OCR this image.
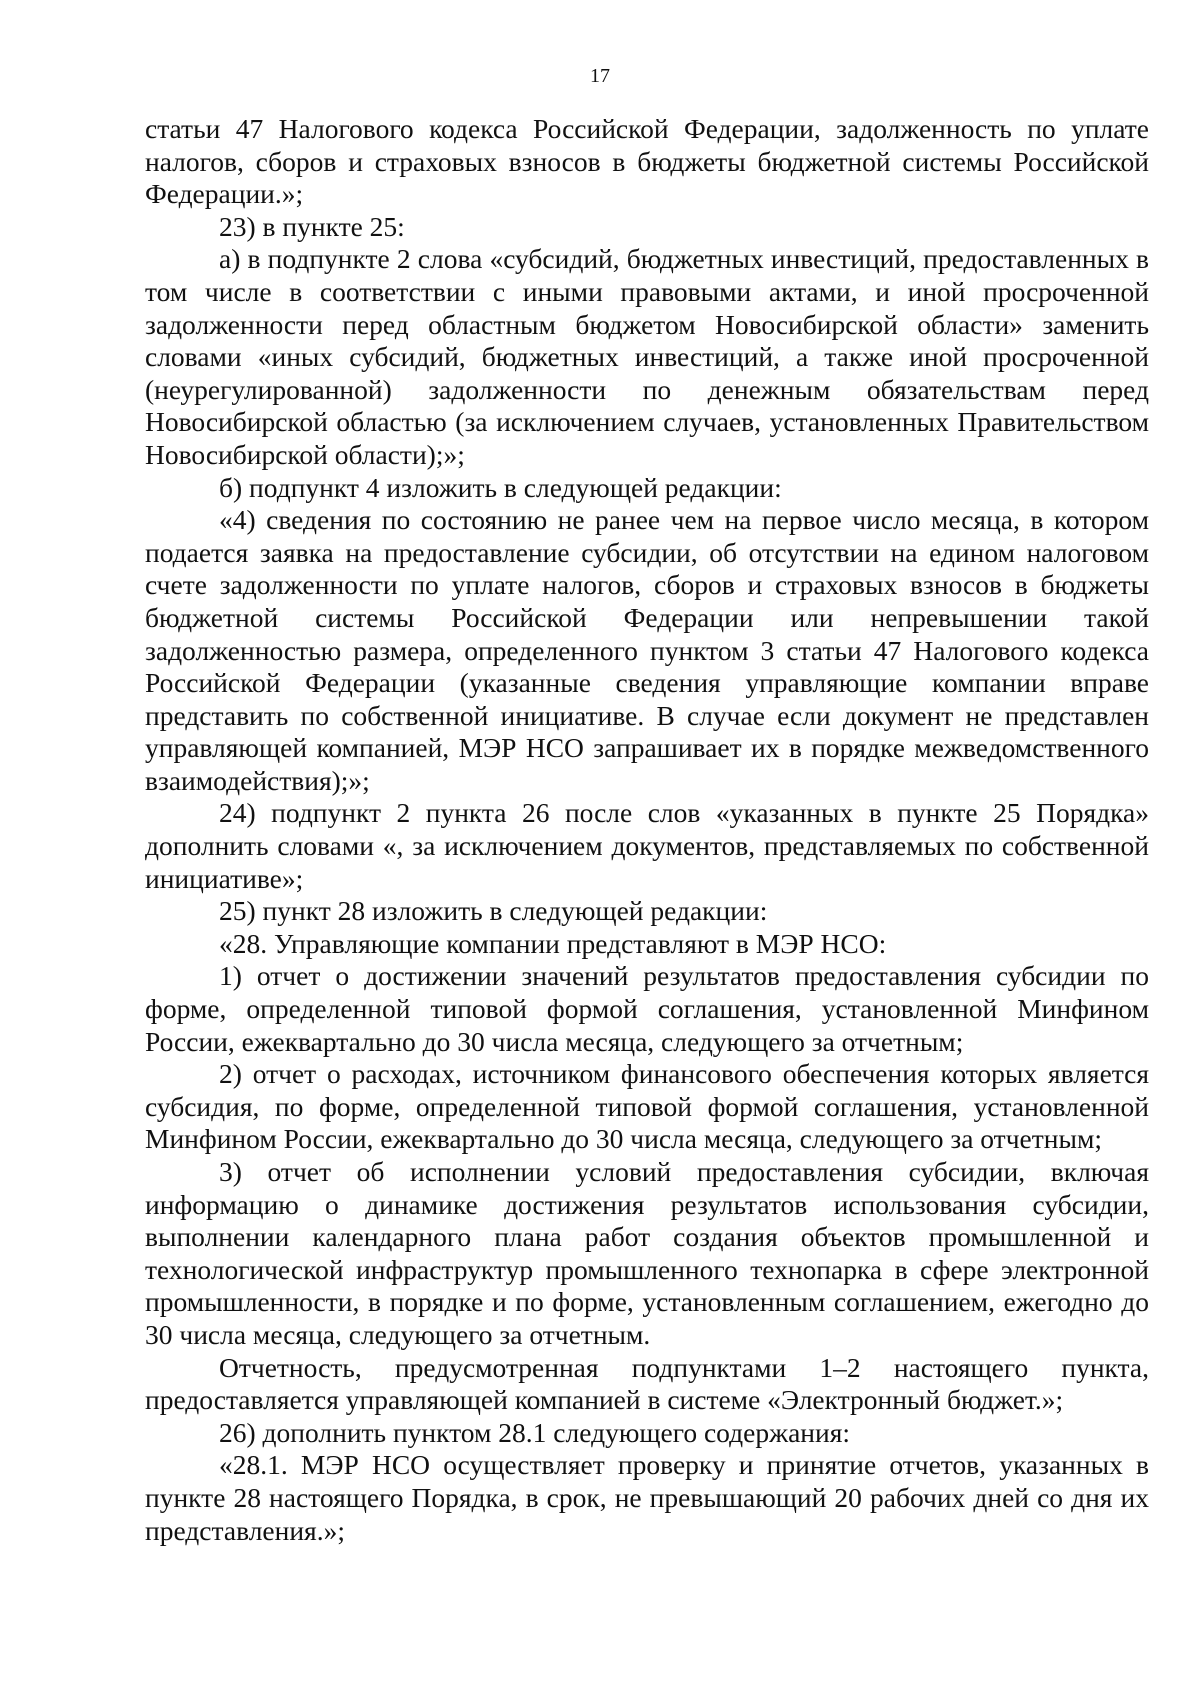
17

статьи 47 Налогового кодекса Российской Федерации, задолженность по уплате налогов, сборов и страховых взносов в бюджеты бюджетной системы Российской Федерации.»;

23) в пункте 25:

а) в подпункте 2 слова «субсидий, бюджетных инвестиций, предоставленных в том числе в соответствии с иными правовыми актами, и иной просроченной задолженности перед областным бюджетом Новосибирской области» заменить словами «иных субсидий, бюджетных инвестиций, а также иной просроченной (неурегулированной) задолженности по денежным обязательствам перед Новосибирской областью (за исключением случаев, установленных Правительством Новосибирской области);»;

б) подпункт 4 изложить в следующей редакции:

«4) сведения по состоянию не ранее чем на первое число месяца, в котором подается заявка на предоставление субсидии, об отсутствии на едином налоговом счете задолженности по уплате налогов, сборов и страховых взносов в бюджеты бюджетной системы Российской Федерации или непревышении такой задолженностью размера, определенного пунктом 3 статьи 47 Налогового кодекса Российской Федерации (указанные сведения управляющие компании вправе представить по собственной инициативе. В случае если документ не представлен управляющей компанией, МЭР НСО запрашивает их в порядке межведомственного взаимодействия);»;

24) подпункт 2 пункта 26 после слов «указанных в пункте 25 Порядка» дополнить словами «, за исключением документов, представляемых по собственной инициативе»;

25) пункт 28 изложить в следующей редакции:

«28. Управляющие компании представляют в МЭР НСО:

1) отчет о достижении значений результатов предоставления субсидии по форме, определенной типовой формой соглашения, установленной Минфином России, ежеквартально до 30 числа месяца, следующего за отчетным;

2) отчет о расходах, источником финансового обеспечения которых является субсидия, по форме, определенной типовой формой соглашения, установленной Минфином России, ежеквартально до 30 числа месяца, следующего за отчетным;

3) отчет об исполнении условий предоставления субсидии, включая информацию о динамике достижения результатов использования субсидии, выполнении календарного плана работ создания объектов промышленной и технологической инфраструктур промышленного технопарка в сфере электронной промышленности, в порядке и по форме, установленным соглашением, ежегодно до 30 числа месяца, следующего за отчетным.

Отчетность, предусмотренная подпунктами 1–2 настоящего пункта, предоставляется управляющей компанией в системе «Электронный бюджет.»;

26) дополнить пунктом 28.1 следующего содержания:

«28.1. МЭР НСО осуществляет проверку и принятие отчетов, указанных в пункте 28 настоящего Порядка, в срок, не превышающий 20 рабочих дней со дня их представления.»;
